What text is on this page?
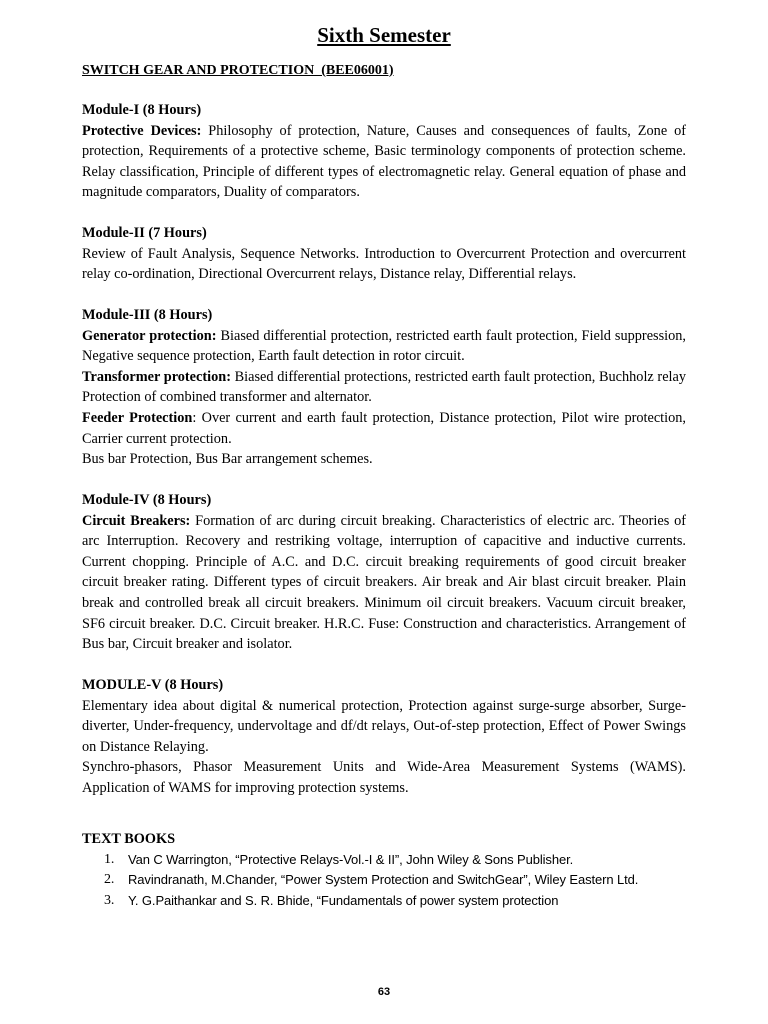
Sixth Semester
SWITCH GEAR AND PROTECTION  (BEE06001)
Module-I (8 Hours)

Protective Devices: Philosophy of protection, Nature, Causes and consequences of faults, Zone of protection, Requirements of a protective scheme, Basic terminology components of protection scheme. Relay classification, Principle of different types of electromagnetic relay. General equation of phase and magnitude comparators, Duality of comparators.

Module-II (7 Hours)

Review of Fault Analysis, Sequence Networks. Introduction to Overcurrent Protection and overcurrent relay co-ordination, Directional Overcurrent relays, Distance relay, Differential relays.

Module-III (8 Hours)

Generator protection: Biased differential protection, restricted earth fault protection, Field suppression, Negative sequence protection, Earth fault detection in rotor circuit.

Transformer protection: Biased differential protections, restricted earth fault protection, Buchholz relay Protection of combined transformer and alternator.

Feeder Protection: Over current and earth fault protection, Distance protection, Pilot wire protection, Carrier current protection.

Bus bar Protection, Bus Bar arrangement schemes.

Module-IV (8 Hours)

Circuit Breakers: Formation of arc during circuit breaking. Characteristics of electric arc. Theories of arc Interruption. Recovery and restriking voltage, interruption of capacitive and inductive currents. Current chopping. Principle of A.C. and D.C. circuit breaking requirements of good circuit breaker circuit breaker rating. Different types of circuit breakers. Air break and Air blast circuit breaker. Plain break and controlled break all circuit breakers. Minimum oil circuit breakers. Vacuum circuit breaker, SF6 circuit breaker. D.C. Circuit breaker. H.R.C. Fuse: Construction and characteristics. Arrangement of Bus bar, Circuit breaker and isolator.

MODULE-V (8 Hours)

Elementary idea about digital & numerical protection, Protection against surge-surge absorber, Surge-diverter, Under-frequency, undervoltage and df/dt relays, Out-of-step protection, Effect of Power Swings on Distance Relaying.

Synchro-phasors, Phasor Measurement Units and Wide-Area Measurement Systems (WAMS). Application of WAMS for improving protection systems.

TEXT BOOKS
1. Van C Warrington, “Protective Relays-Vol.-I & II”, John Wiley & Sons Publisher.
2. Ravindranath, M.Chander, “Power System Protection and SwitchGear”, Wiley Eastern Ltd.
3. Y. G.Paithankar and S. R. Bhide, “Fundamentals of power system protection
63
